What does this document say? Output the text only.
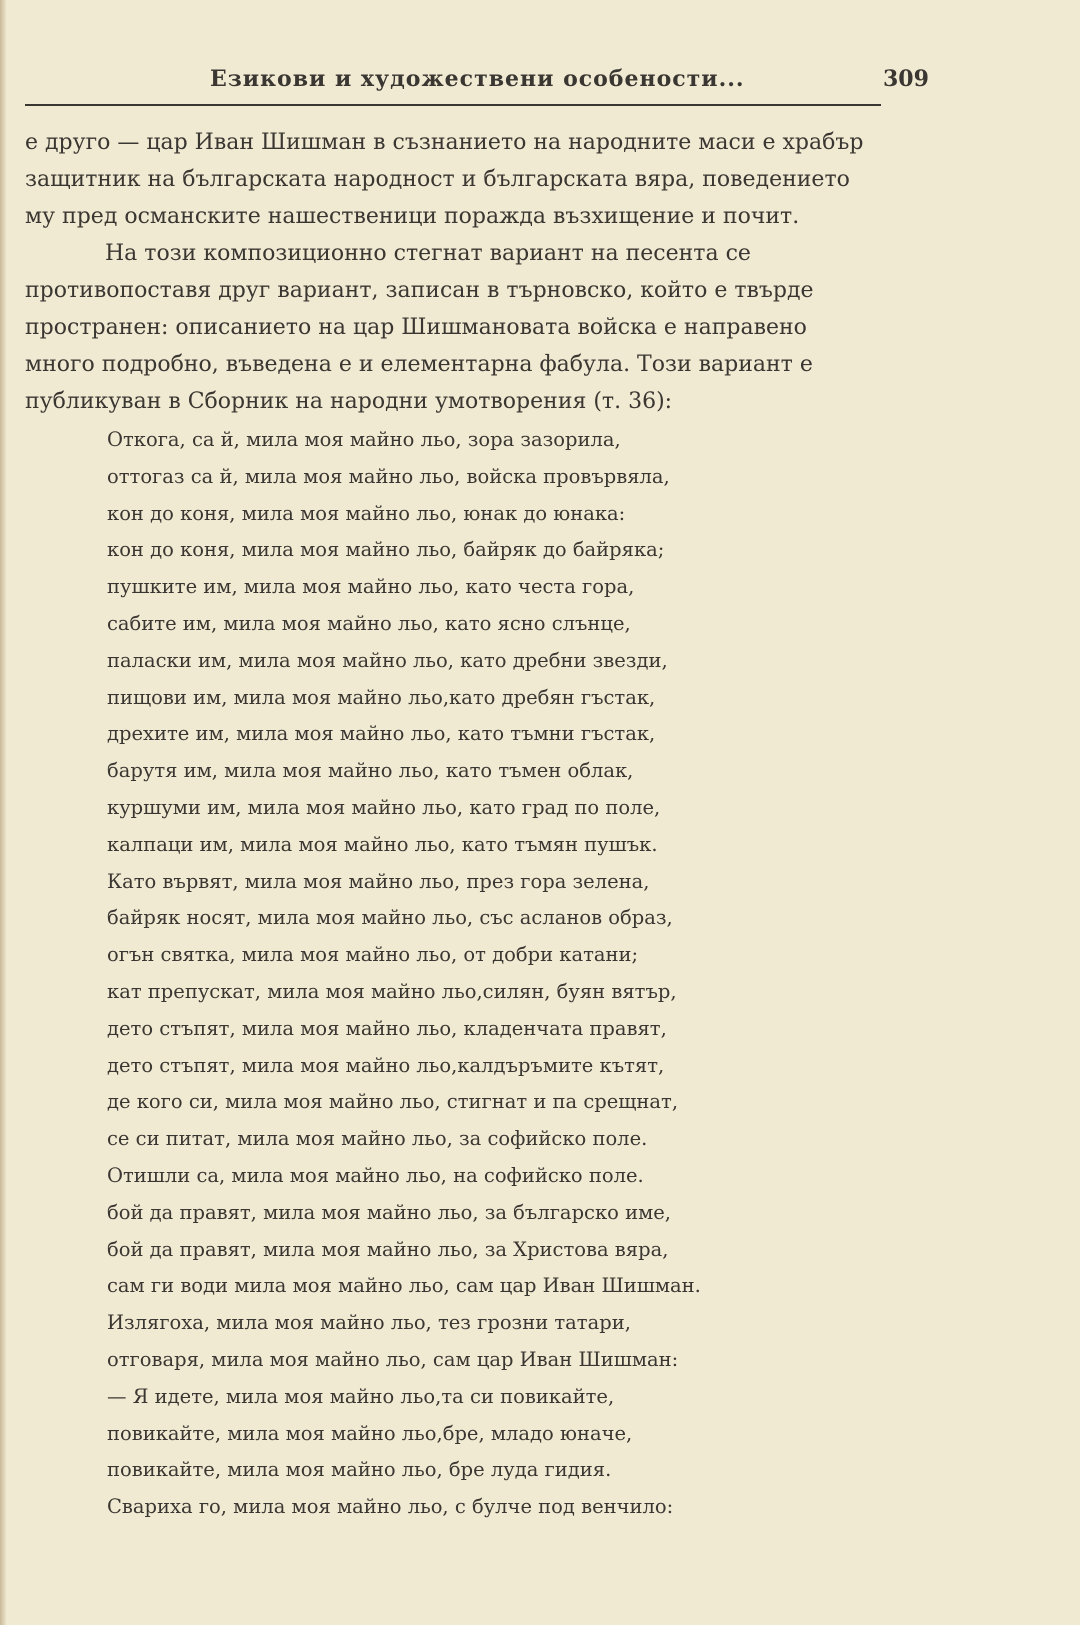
Езикови и художествени особености...	309

е друго — цар Иван Шишман в съзнанието на народните маси е храбър
защитник на българската народност и българската вяра, поведението
му пред османските нашественици поражда възхищение и почит.

На този композиционно стегнат вариант на песента се
противопоставя друг вариант, записан в търновско, който е твърде
пространен: описанието на цар Шишмановата войска е направено
много подробно, въведена е и елементарна фабула. Този вариант е
публикуван в Сборник на народни умотворения (т. 36):

Откога, са й, мила моя майно льо, зора зазорила,
оттогаз са й, мила моя майно льо, войска провървяла,
кон до коня, мила моя майно льо, юнак до юнака:
кон до коня, мила моя майно льо, байряк до байряка;
пушките им, мила моя майно льо, като честа гора,
сабите им, мила моя майно льо, като ясно слънце,
паласки им, мила моя майно льо, като дребни звезди,
пищови им, мила моя майно льо,като дребян гъстак,
дрехите им, мила моя майно льо, като тъмни гъстак,
барутя им, мила моя майно льо, като тъмен облак,
куршуми им, мила моя майно льо, като град по поле,
калпаци им, мила моя майно льо, като тъмян пушък.
Като вървят, мила моя майно льо, през гора зелена,
байряк носят, мила моя майно льо, със асланов образ,
огън святка, мила моя майно льо, от добри катани;
кат препускат, мила моя майно льо,силян, буян вятър,
дето стъпят, мила моя майно льо, кладенчата правят,
дето стъпят, мила моя майно льо,калдъръмите кътят,
де кого си, мила моя майно льо, стигнат и па срещнат,
се си питат, мила моя майно льо, за софийско поле.
Отишли са, мила моя майно льо, на софийско поле.
бой да правят, мила моя майно льо, за българско име,
бой да правят, мила моя майно льо, за Христова вяра,
сам ги води мила моя майно льо, сам цар Иван Шишман.
Излягоха, мила моя майно льо, тез грозни татари,
отговаря, мила моя майно льо, сам цар Иван Шишман:
— Я идете, мила моя майно льо,та си повикайте,
повикайте, мила моя майно льо,бре, младо юначе,
повикайте, мила моя майно льо, бре луда гидия.
Свариха го, мила моя майно льо, с булче под венчило:
